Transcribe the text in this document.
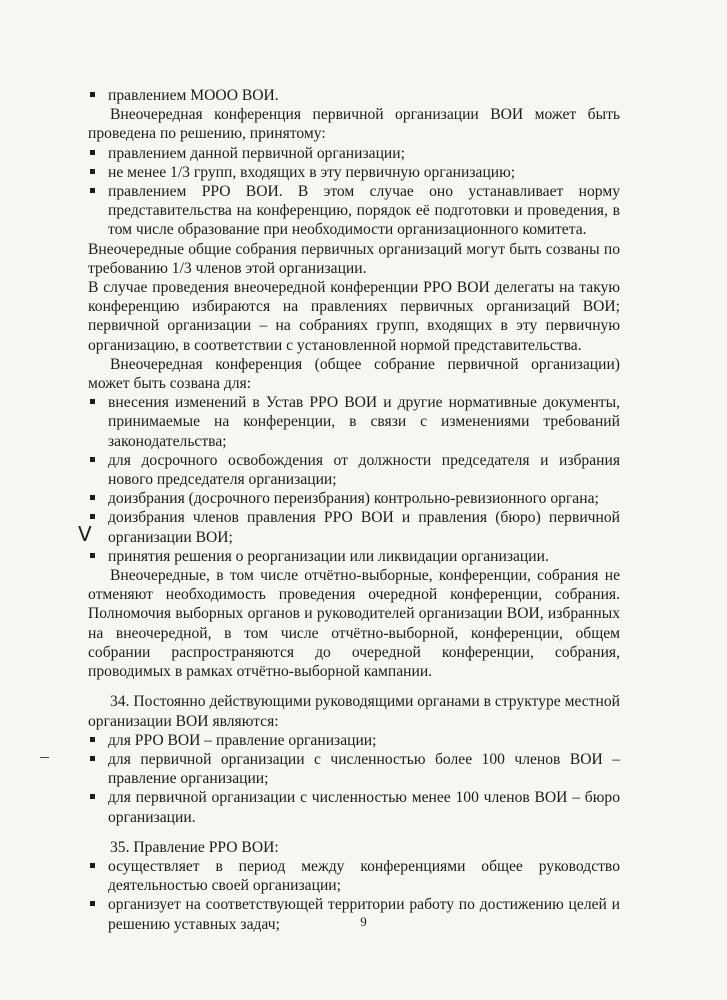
правлением МООО ВОИ.
Внеочередная конференция первичной организации ВОИ может быть проведена по решению, принятому:
правлением данной первичной организации;
не менее 1/3 групп, входящих в эту первичную организацию;
правлением РРО ВОИ. В этом случае оно устанавливает норму представительства на конференцию, порядок её подготовки и проведения, в том числе образование при необходимости организационного комитета.
Внеочередные общие собрания первичных организаций могут быть созваны по требованию 1/3 членов этой организации.
В случае проведения внеочередной конференции РРО ВОИ делегаты на такую конференцию избираются на правлениях первичных организаций ВОИ; первичной организации – на собраниях групп, входящих в эту первичную организацию, в соответствии с установленной нормой представительства.
Внеочередная конференция (общее собрание первичной организации) может быть созвана для:
внесения изменений в Устав РРО ВОИ и другие нормативные документы, принимаемые на конференции, в связи с изменениями требований законодательства;
для досрочного освобождения от должности председателя и избрания нового председателя организации;
доизбрания (досрочного переизбрания) контрольно-ревизионного органа;
доизбрания членов правления РРО ВОИ и правления (бюро) первичной организации ВОИ;
принятия решения о реорганизации или ликвидации организации.
Внеочередные, в том числе отчётно-выборные, конференции, собрания не отменяют необходимость проведения очередной конференции, собрания. Полномочия выборных органов и руководителей организации ВОИ, избранных на внеочередной, в том числе отчётно-выборной, конференции, общем собрании распространяются до очередной конференции, собрания, проводимых в рамках отчётно-выборной кампании.
34. Постоянно действующими руководящими органами в структуре местной организации ВОИ являются:
для РРО ВОИ – правление организации;
для первичной организации с численностью более 100 членов ВОИ – правление организации;
для первичной организации с численностью менее 100 членов ВОИ – бюро организации.
35. Правление РРО ВОИ:
осуществляет в период между конференциями общее руководство деятельностью своей организации;
организует на соответствующей территории работу по достижению целей и решению уставных задач;
V
9
